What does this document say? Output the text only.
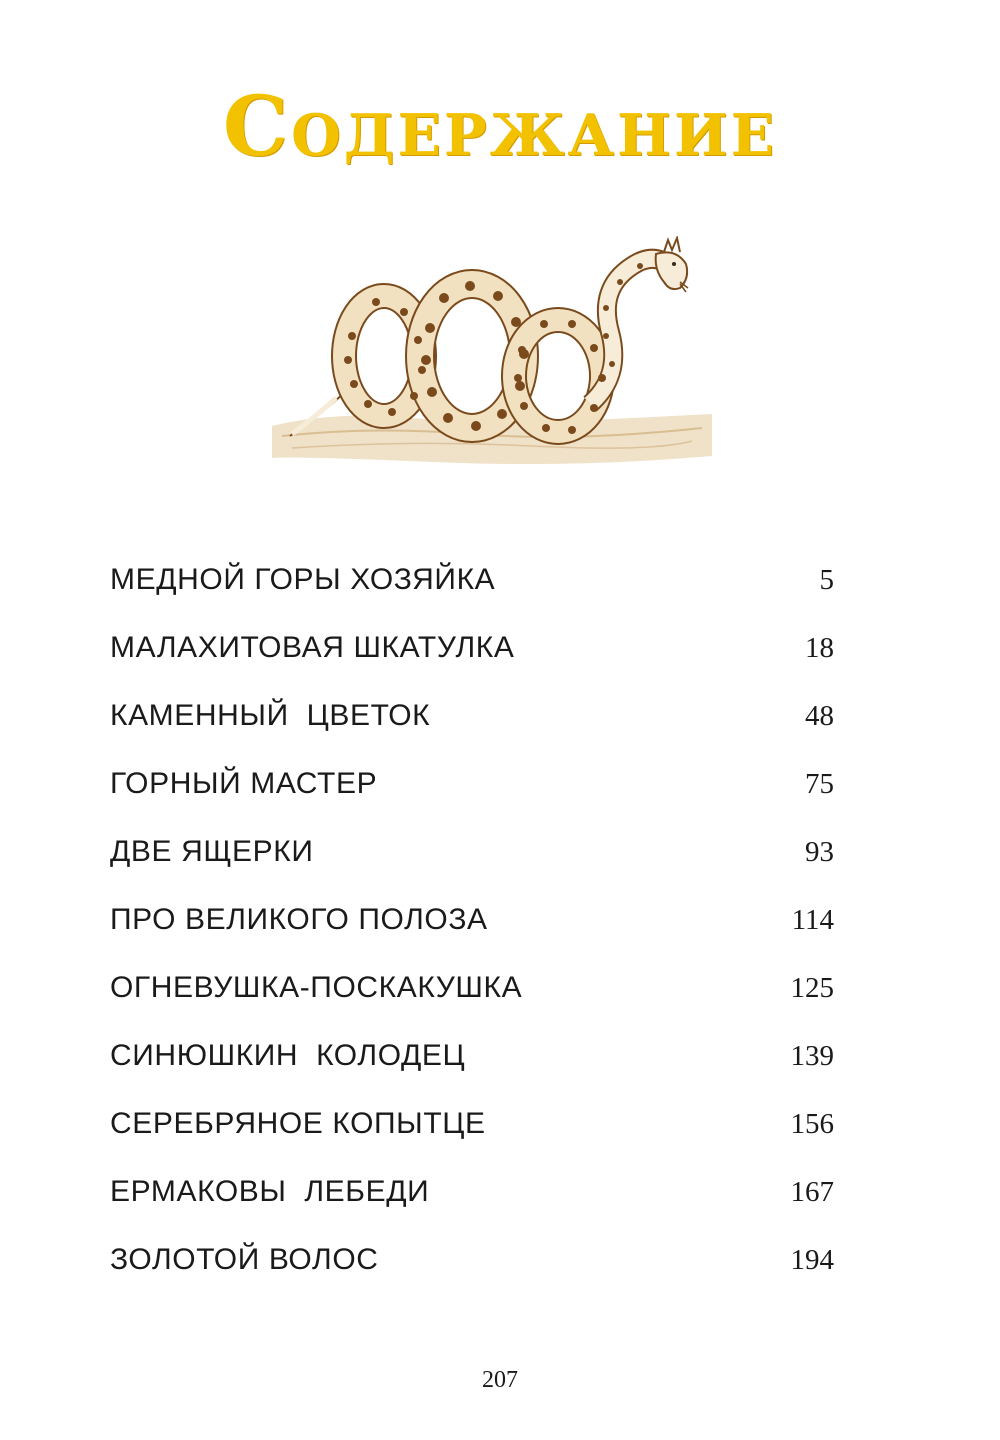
Содержание
МЕДНОЙ ГОРЫ ХОЗЯЙКА	5
МАЛАХИТОВАЯ ШКАТУЛКА	18
КАМЕННЫЙ  ЦВЕТОК	48
ГОРНЫЙ МАСТЕР	75
ДВЕ ЯЩЕРКИ	93
ПРО ВЕЛИКОГО ПОЛОЗА	114
ОГНЕВУШКА-ПОСКАКУШКА	125
СИНЮШКИН  КОЛОДЕЦ	139
СЕРЕБРЯНОЕ КОПЫТЦЕ	156
ЕРМАКОВЫ  ЛЕБЕДИ	167
ЗОЛОТОЙ ВОЛОС	194
207
